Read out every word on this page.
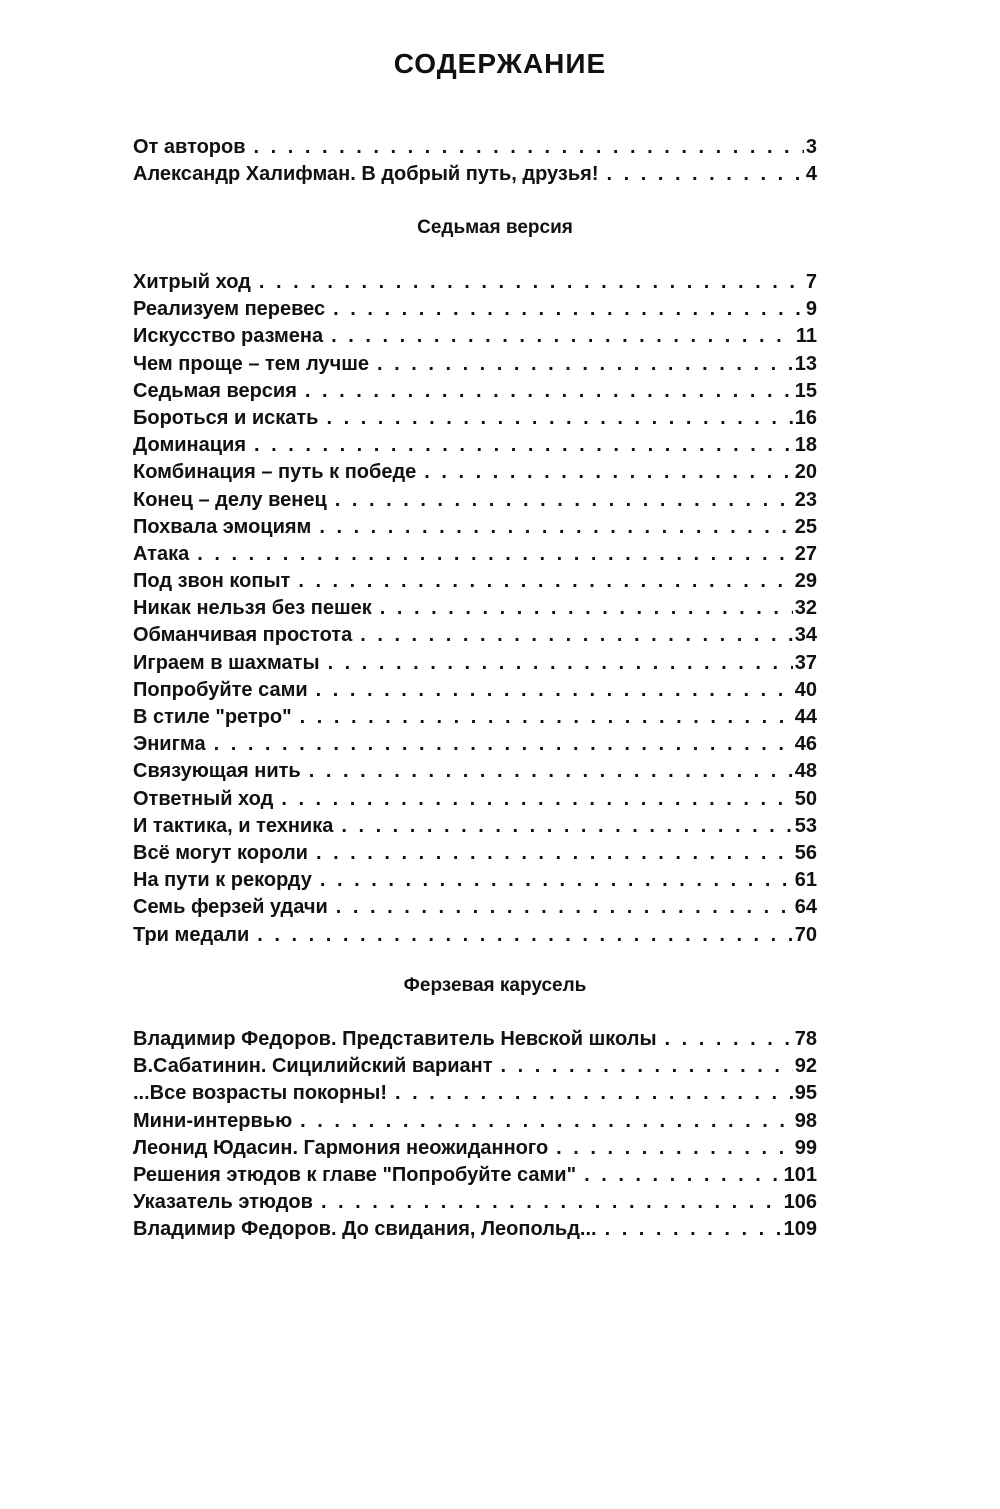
СОДЕРЖАНИЕ
От авторов . . .	3
Александр Халифман. В добрый путь, друзья! . . .	4
Седьмая версия
Хитрый ход . . .	7
Реализуем перевес . . .	9
Искусство размена . . .	11
Чем проще – тем лучше . . .	13
Седьмая версия . . .	15
Бороться и искать . . .	16
Доминация . . .	18
Комбинация – путь к победе . . .	20
Конец – делу венец . . .	23
Похвала эмоциям . . .	25
Атака . . .	27
Под звон копыт . . .	29
Никак нельзя без пешек . . .	32
Обманчивая простота . . .	34
Играем в шахматы . . .	37
Попробуйте сами . . .	40
В стиле "ретро" . . .	44
Энигма . . .	46
Связующая нить . . .	48
Ответный ход . . .	50
И тактика, и техника . . .	53
Всё могут короли . . .	56
На пути к рекорду . . .	61
Семь ферзей удачи . . .	64
Три медали . . .	70
Ферзевая карусель
Владимир Федоров. Представитель Невской школы . . .	78
В.Сабатинин. Сицилийский вариант . . .	92
...Все возрасты покорны! . . .	95
Мини-интервью . . .	98
Леонид Юдасин. Гармония неожиданного . . .	99
Решения этюдов к главе "Попробуйте сами" . . .	101
Указатель этюдов . . .	106
Владимир Федоров. До свидания, Леопольд... . . .	109
